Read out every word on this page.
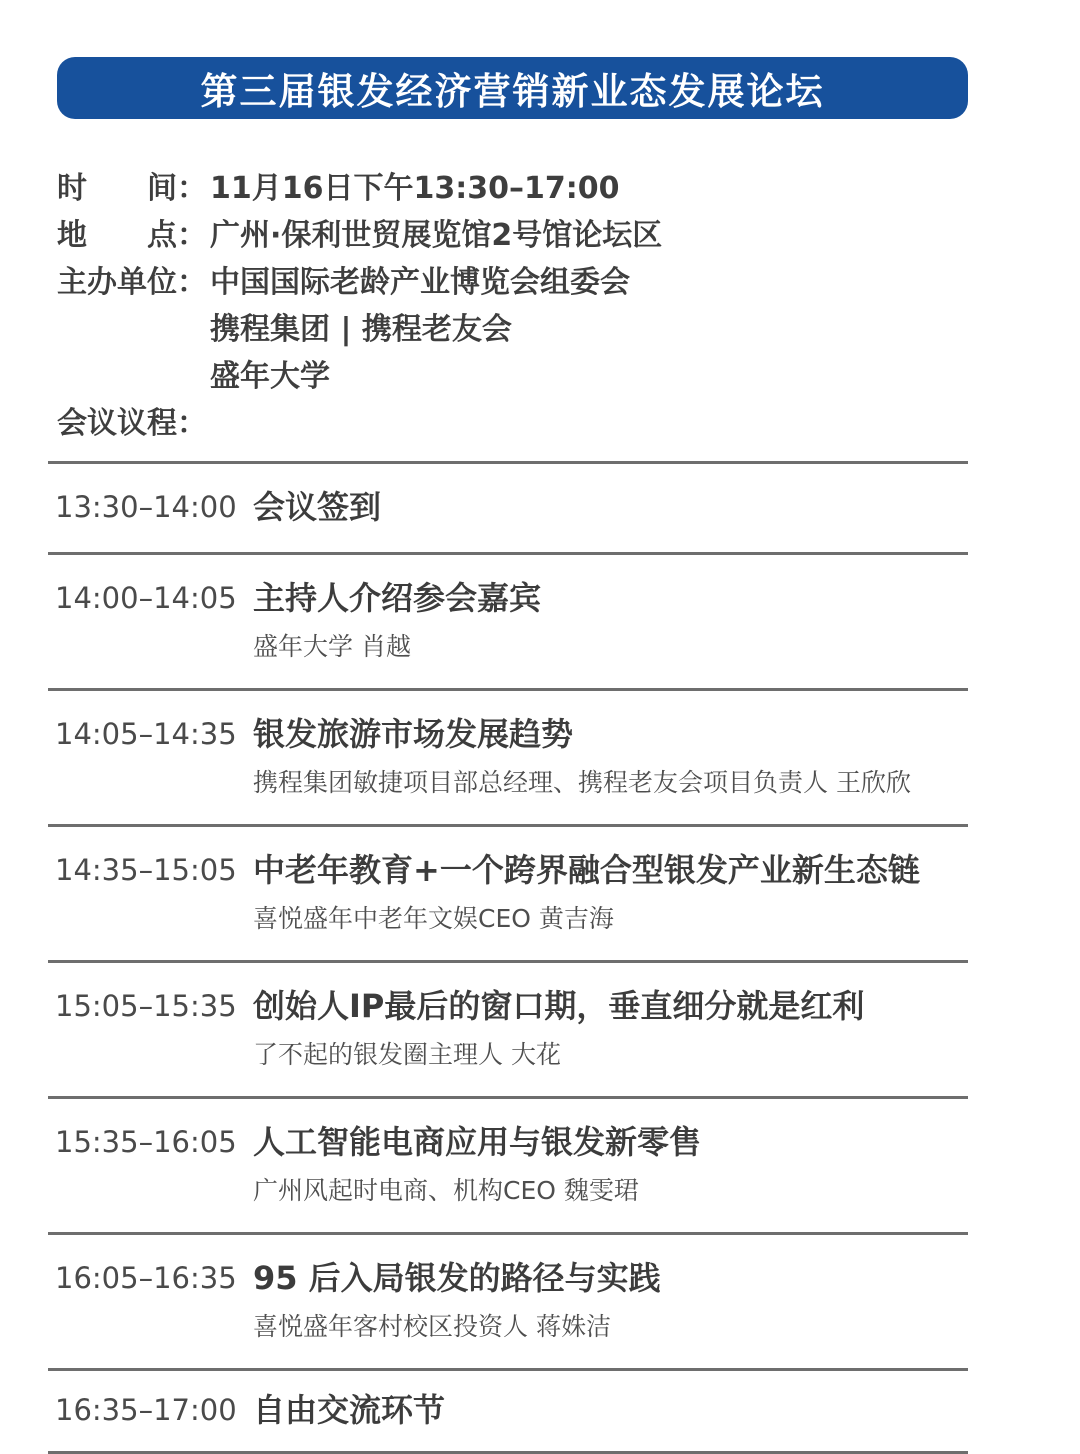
第三届银发经济营销新业态发展论坛
时　　间： 11月16日下午13:30–17:00
地　　点： 广州·保利世贸展览馆2号馆论坛区
主办单位： 中国国际老龄产业博览会组委会
携程集团 | 携程老友会
盛年大学
会议议程：
13:30–14:00 会议签到
14:00–14:05 主持人介绍参会嘉宾
盛年大学 肖越
14:05–14:35 银发旅游市场发展趋势
携程集团敏捷项目部总经理、携程老友会项目负责人 王欣欣
14:35–15:05 中老年教育+一个跨界融合型银发产业新生态链
喜悦盛年中老年文娱CEO 黄吉海
15:05–15:35 创始人IP最后的窗口期，垂直细分就是红利
了不起的银发圈主理人 大花
15:35–16:05 人工智能电商应用与银发新零售
广州风起时电商、机构CEO 魏雯珺
16:05–16:35 95 后入局银发的路径与实践
喜悦盛年客村校区投资人 蒋姝洁
16:35–17:00 自由交流环节
